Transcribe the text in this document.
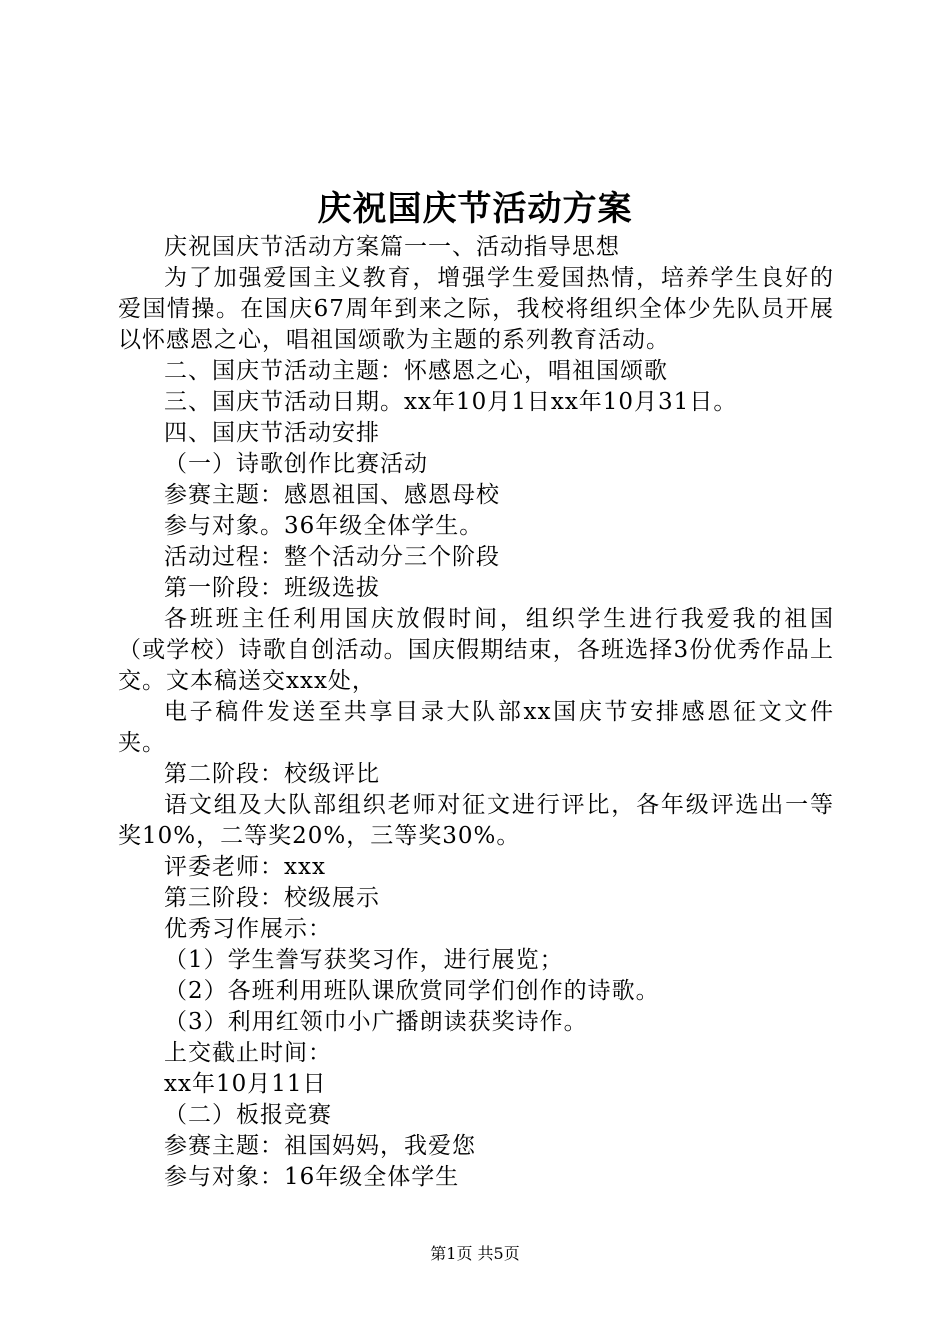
庆祝国庆节活动方案

庆祝国庆节活动方案篇一一、活动指导思想

为了加强爱国主义教育，增强学生爱国热情，培养学生良好的爱国情操。在国庆67周年到来之际，我校将组织全体少先队员开展以怀感恩之心，唱祖国颂歌为主题的系列教育活动。

二、国庆节活动主题：怀感恩之心，唱祖国颂歌

三、国庆节活动日期。xx年10月1日xx年10月31日。

四、国庆节活动安排

（一）诗歌创作比赛活动

参赛主题：感恩祖国、感恩母校

参与对象。36年级全体学生。

活动过程：整个活动分三个阶段

第一阶段：班级选拔

各班班主任利用国庆放假时间，组织学生进行我爱我的祖国（或学校）诗歌自创活动。国庆假期结束，各班选择3份优秀作品上交。文本稿送交xxx处，

电子稿件发送至共享目录大队部xx国庆节安排感恩征文文件夹。

第二阶段：校级评比

语文组及大队部组织老师对征文进行评比，各年级评选出一等奖10%，二等奖20%，三等奖30%。

评委老师：xxx

第三阶段：校级展示

优秀习作展示：

（1）学生誊写获奖习作，进行展览；

（2）各班利用班队课欣赏同学们创作的诗歌。

（3）利用红领巾小广播朗读获奖诗作。

上交截止时间：

xx年10月11日

（二）板报竞赛

参赛主题：祖国妈妈，我爱您

参与对象：16年级全体学生

第1页 共5页
